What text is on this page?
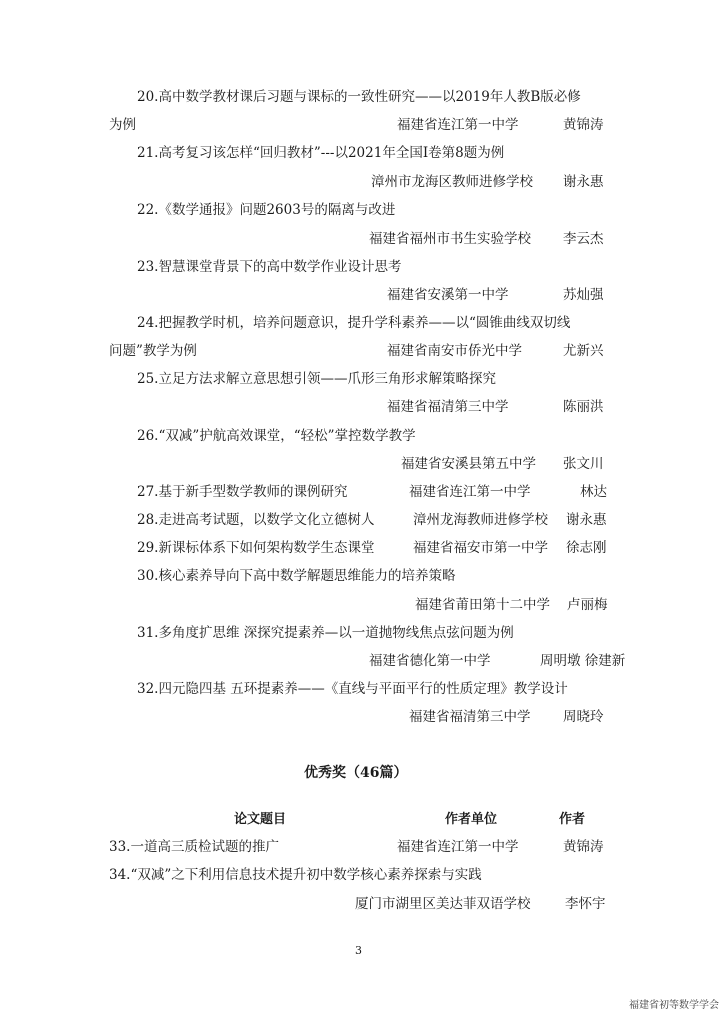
20.高中数学教材课后习题与课标的一致性研究——以2019年人教B版必修
为例	福建省连江第一中学	黄锦涛
21.高考复习该怎样“回归教材”---以2021年全国Ⅰ卷第8题为例
漳州市龙海区教师进修学校 谢永惠
22.《数学通报》问题2603号的隔离与改进
福建省福州市书生实验学校 李云杰
23.智慧课堂背景下的高中数学作业设计思考
福建省安溪第一中学	苏灿强
24.把握教学时机，培养问题意识，提升学科素养——以“圆锥曲线双切线
问题”教学为例	福建省南安市侨光中学	尤新兴
25.立足方法求解立意思想引领——爪形三角形求解策略探究
福建省福清第三中学	陈丽洪
26.“双减”护航高效课堂，“轻松”掌控数学教学
福建省安溪县第五中学 张文川
27.基于新手型数学教师的课例研究	福建省连江第一中学	林达
28.走进高考试题，以数学文化立德树人	漳州龙海教师进修学校 谢永惠
29.新课标体系下如何架构数学生态课堂	福建省福安市第一中学 徐志刚
30.核心素养导向下高中数学解题思维能力的培养策略
福建省莆田第十二中学 卢丽梅
31.多角度扩思维 深探究提素养—以一道抛物线焦点弦问题为例
福建省德化第一中学	周明墩 徐建新
32.四元隐四基 五环提素养——《直线与平面平行的性质定理》教学设计
福建省福清第三中学 周晓玲
优秀奖（46篇）
论文题目	作者单位	作者
33.一道高三质检试题的推广	福建省连江第一中学	黄锦涛
34.“双减”之下利用信息技术提升初中数学核心素养探索与实践
厦门市湖里区美达菲双语学校	李怀宇
3
福建省初等数学学会
